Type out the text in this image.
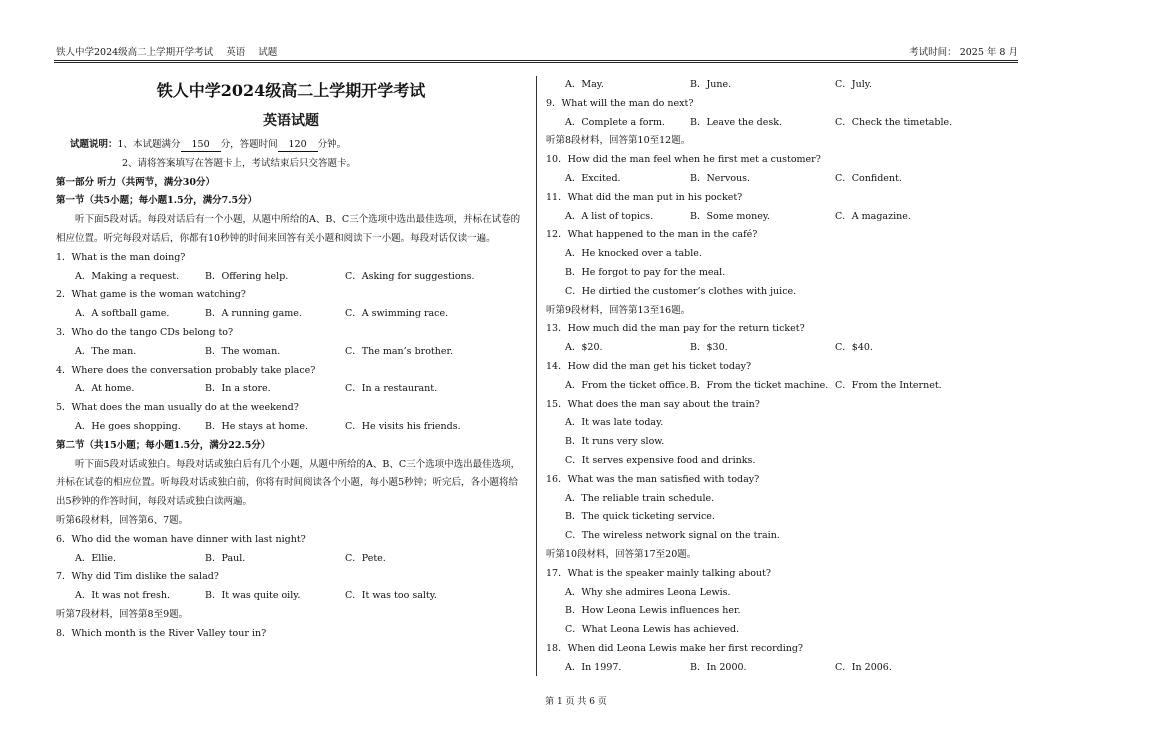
铁人中学2024级高二上学期开学考试 英语 试题	考试时间： 2025 年 8 月
铁人中学2024级高二上学期开学考试
英语试题
试题说明：1、本试题满分 150 分，答题时间 120 分钟。
2、请将答案填写在答题卡上，考试结束后只交答题卡。
第一部分 听力（共两节，满分30分）
第一节（共5小题；每小题1.5分，满分7.5分）
听下面5段对话。每段对话后有一个小题，从题中所给的A、B、C三个选项中选出最佳选项，并标在试卷的相应位置。听完每段对话后，你都有10秒钟的时间来回答有关小题和阅读下一小题。每段对话仅读一遍。
1．What is the man doing?
A．Making a request.	B．Offering help.	C．Asking for suggestions.
2．What game is the woman watching?
A．A softball game.	B．A running game.	C．A swimming race.
3．Who do the tango CDs belong to?
A．The man.	B．The woman.	C．The man’s brother.
4．Where does the conversation probably take place?
A．At home.	B．In a store.	C．In a restaurant.
5．What does the man usually do at the weekend?
A．He goes shopping.	B．He stays at home.	C．He visits his friends.
第二节（共15小题；每小题1.5分，满分22.5分）
听下面5段对话或独白。每段对话或独白后有几个小题，从题中所给的A、B、C三个选项中选出最佳选项，并标在试卷的相应位置。听每段对话或独白前，你将有时间阅读各个小题，每小题5秒钟；听完后，各小题将给出5秒钟的作答时间，每段对话或独白读两遍。
听第6段材料，回答第6、7题。
6．Who did the woman have dinner with last night?
A．Ellie.	B．Paul.	C．Pete.
7．Why did Tim dislike the salad?
A．It was not fresh.	B．It was quite oily.	C．It was too salty.
听第7段材料，回答第8至9题。
8．Which month is the River Valley tour in?
A．May.	B．June.	C．July.
9．What will the man do next?
A．Complete a form.	B．Leave the desk.	C．Check the timetable.
听第8段材料，回答第10至12题。
10．How did the man feel when he first met a customer?
A．Excited.	B．Nervous.	C．Confident.
11．What did the man put in his pocket?
A．A list of topics.	B．Some money.	C．A magazine.
12．What happened to the man in the café?
A．He knocked over a table.
B．He forgot to pay for the meal.
C．He dirtied the customer’s clothes with juice.
听第9段材料，回答第13至16题。
13．How much did the man pay for the return ticket?
A．$20.	B．$30.	C．$40.
14．How did the man get his ticket today?
A．From the ticket office.B．From the ticket machine. C．From the Internet.
15．What does the man say about the train?
A．It was late today.
B．It runs very slow.
C．It serves expensive food and drinks.
16．What was the man satisfied with today?
A．The reliable train schedule.
B．The quick ticketing service.
C．The wireless network signal on the train.
听第10段材料，回答第17至20题。
17．What is the speaker mainly talking about?
A．Why she admires Leona Lewis.
B．How Leona Lewis influences her.
C．What Leona Lewis has achieved.
18．When did Leona Lewis make her first recording?
A．In 1997.	B．In 2000.	C．In 2006.
第 1 页 共 6 页
